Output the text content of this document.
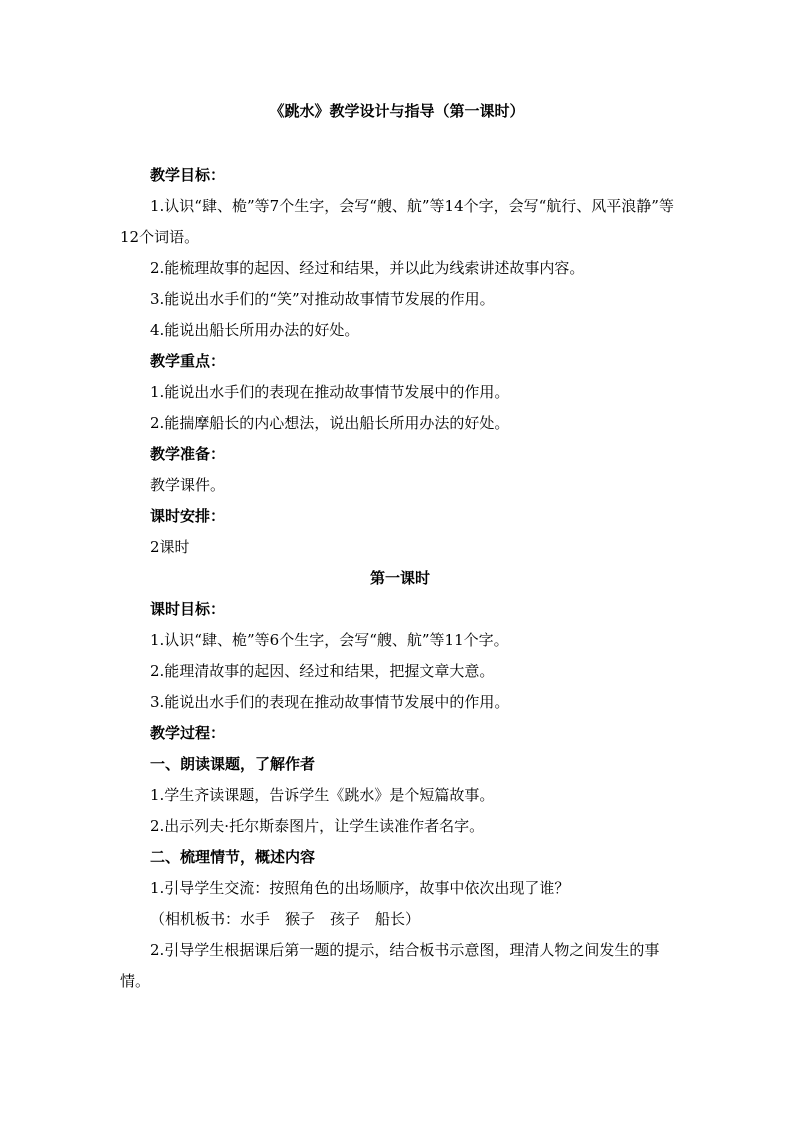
《跳水》教学设计与指导（第一课时）
教学目标：
1.认识“肆、桅”等7个生字，会写“艘、航”等14个字，会写“航行、风平浪静”等12个词语。
2.能梳理故事的起因、经过和结果，并以此为线索讲述故事内容。
3.能说出水手们的“笑”对推动故事情节发展的作用。
4.能说出船长所用办法的好处。
教学重点：
1.能说出水手们的表现在推动故事情节发展中的作用。
2.能揣摩船长的内心想法，说出船长所用办法的好处。
教学准备：
教学课件。
课时安排：
2课时
第一课时
课时目标：
1.认识“肆、桅”等6个生字，会写“艘、航”等11个字。
2.能理清故事的起因、经过和结果，把握文章大意。
3.能说出水手们的表现在推动故事情节发展中的作用。
教学过程：
一、朗读课题，了解作者
1.学生齐读课题，告诉学生《跳水》是个短篇故事。
2.出示列夫·托尔斯泰图片，让学生读准作者名字。
二、梳理情节，概述内容
1.引导学生交流：按照角色的出场顺序，故事中依次出现了谁？
（相机板书：水手　猴子　孩子　船长）
2.引导学生根据课后第一题的提示，结合板书示意图，理清人物之间发生的事情。
